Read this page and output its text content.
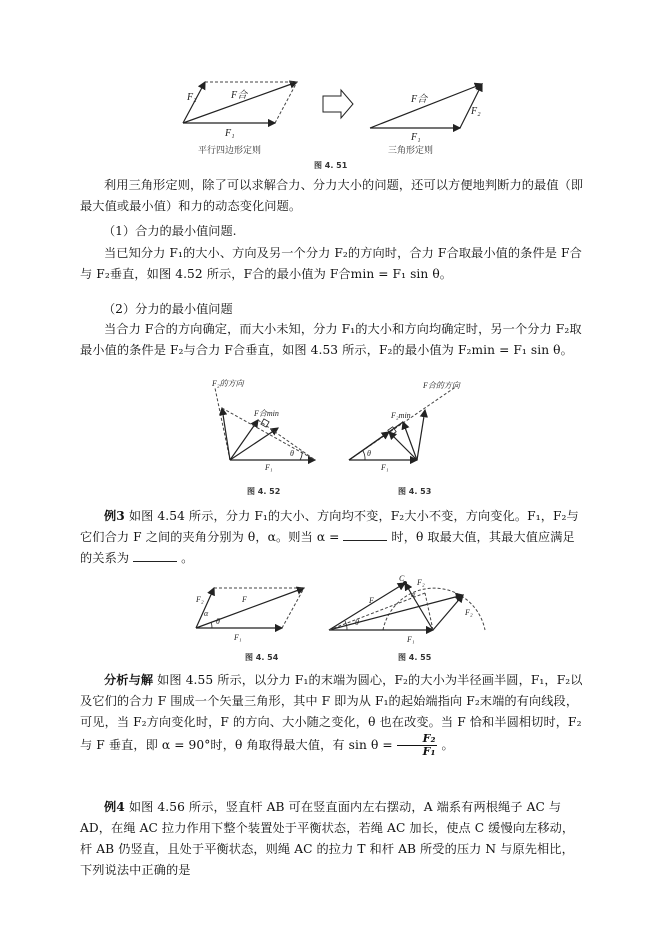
F₂	F合
F₁
F合
F₂
F₁
平行四边形定则	三角形定则
图 4. 51
利用三角形定则，除了可以求解合力、分力大小的问题，还可以方便地判断力的最值（即最大值或最小值）和力的动态变化问题。
（1）合力的最小值问题.
当已知分力 F₁的大小、方向及另一个分力 F₂的方向时，合力 F合取最小值的条件是 F合与 F₂垂直，如图 4.52 所示，F合的最小值为 F合min = F₁ sin θ。
（2）分力的最小值问题
当合力 F合的方向确定，而大小未知，分力 F₁的大小和方向均确定时，另一个分力 F₂取最小值的条件是 F₂与合力 F合垂直，如图 4.53 所示，F₂的最小值为 F₂min = F₁ sin θ。
F₂的方向
F合min
θ
F₁
图 4. 52
F合的方向
F₂min
θ
F₁
图 4. 53
例3 如图 4.54 所示，分力 F₁的大小、方向均不变，F₂大小不变，方向变化。F₁，F₂与它们合力 F 之间的夹角分别为 θ，α。则当 α =	时，θ 取最大值，其最大值应满足的关系为	。
F₂	F
α
θ
F₁
图 4. 54
C F₂
α
F
θ
F₂
F₁
图 4. 55
分析与解 如图 4.55 所示，以分力 F₁的末端为圆心，F₂的大小为半径画半圆，F₁，F₂以及它们的合力 F 围成一个矢量三角形，其中 F 即为从 F₁的起始端指向 F₂末端的有向线段，可见，当 F₂方向变化时，F 的方向、大小随之变化，θ 也在改变。当 F 恰和半圆相切时，F₂与 F 垂直，即 α = 90°时，θ 角取得最大值，有 $\sin \theta = \frac{\text{F₂}}{\text{F₁}}$ 。
例4 如图 4.56 所示，竖直杆 AB 可在竖直面内左右摆动，A 端系有两根绳子 AC 与 AD，在绳 AC 拉力作用下整个装置处于平衡状态，若绳 AC 加长，使点 C 缓慢向左移动，杆 AB 仍竖直，且处于平衡状态，则绳 AC 的拉力 T 和杆 AB 所受的压力 N 与原先相比，下列说法中正确的是
